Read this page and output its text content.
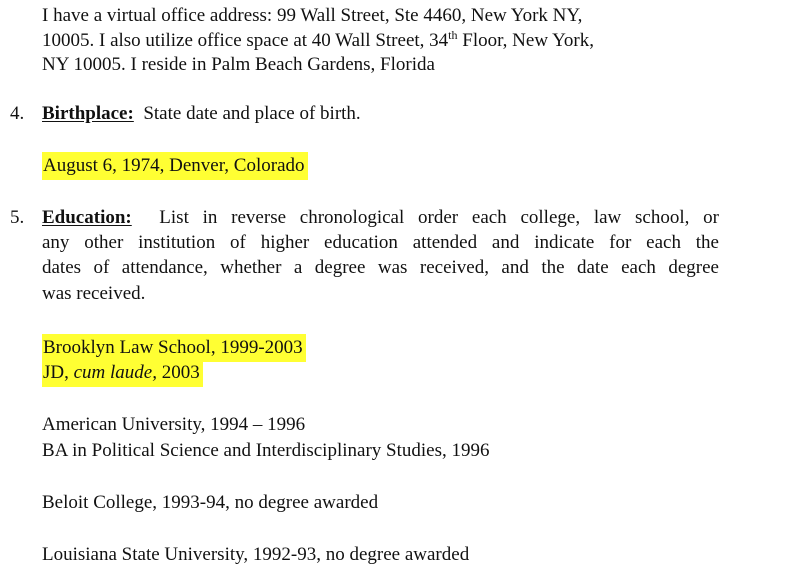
I have a virtual office address: 99 Wall Street, Ste 4460, New York NY,
10005. I also utilize office space at 40 Wall Street, 34th Floor, New York,
NY 10005. I reside in Palm Beach Gardens, Florida
4. Birthplace: State date and place of birth.
August 6, 1974, Denver, Colorado
5. Education: List in reverse chronological order each college, law school, or
any other institution of higher education attended and indicate for each the
dates of attendance, whether a degree was received, and the date each degree
was received.
Brooklyn Law School, 1999-2003
JD, cum laude, 2003
American University, 1994 – 1996
BA in Political Science and Interdisciplinary Studies, 1996
Beloit College, 1993-94, no degree awarded
Louisiana State University, 1992-93, no degree awarded
